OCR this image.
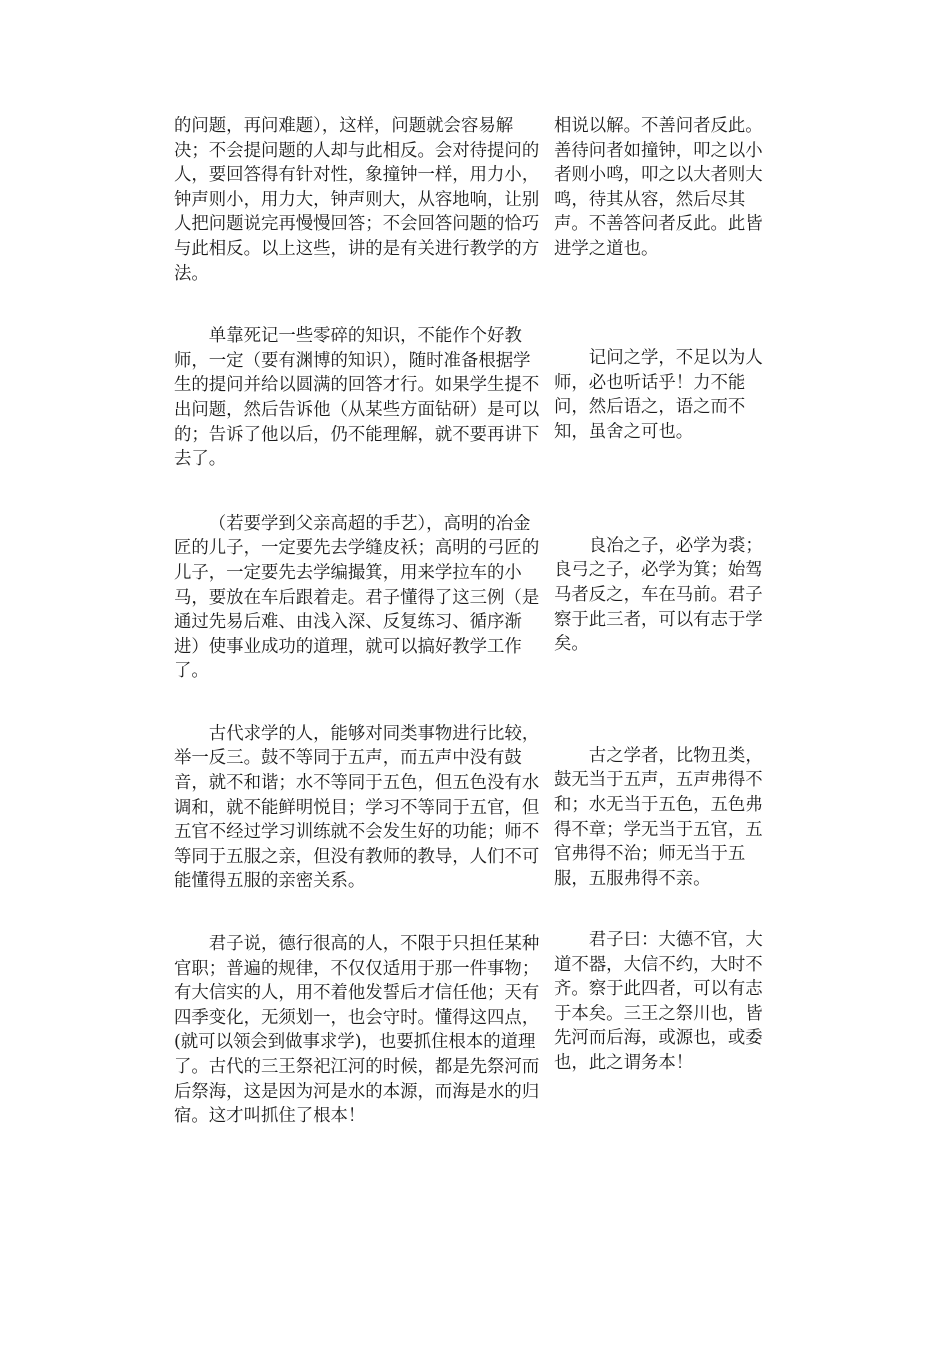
的问题，再问难题），这样，问题就会容易解决；不会提问题的人却与此相反。会对待提问的人，要回答得有针对性，象撞钟一样，用力小，钟声则小，用力大，钟声则大，从容地响，让别人把问题说完再慢慢回答；不会回答问题的恰巧与此相反。以上这些，讲的是有关进行教学的方法。

相说以解。不善问者反此。善待问者如撞钟，叩之以小者则小鸣，叩之以大者则大鸣，待其从容，然后尽其声。不善答问者反此。此皆进学之道也。

单靠死记一些零碎的知识，不能作个好教师，一定（要有渊博的知识），随时准备根据学生的提问并给以圆满的回答才行。如果学生提不出问题，然后告诉他（从某些方面钻研）是可以的；告诉了他以后，仍不能理解，就不要再讲下去了。

记问之学，不足以为人师，必也听话乎！力不能问，然后语之，语之而不知，虽舍之可也。

（若要学到父亲高超的手艺），高明的冶金匠的儿子，一定要先去学缝皮袄；高明的弓匠的儿子，一定要先去学编撮箕，用来学拉车的小马，要放在车后跟着走。君子懂得了这三例（是通过先易后难、由浅入深、反复练习、循序渐进）使事业成功的道理，就可以搞好教学工作了。

良冶之子，必学为裘；良弓之子，必学为箕；始驾马者反之，车在马前。君子察于此三者，可以有志于学矣。

古代求学的人，能够对同类事物进行比较，举一反三。鼓不等同于五声，而五声中没有鼓音，就不和谐；水不等同于五色，但五色没有水调和，就不能鲜明悦目；学习不等同于五官，但五官不经过学习训练就不会发生好的功能；师不等同于五服之亲，但没有教师的教导，人们不可能懂得五服的亲密关系。

古之学者，比物丑类，鼓无当于五声，五声弗得不和；水无当于五色，五色弗得不章；学无当于五官，五官弗得不治；师无当于五服，五服弗得不亲。

君子说，德行很高的人，不限于只担任某种官职；普遍的规律，不仅仅适用于那一件事物；有大信实的人，用不着他发誓后才信任他；天有四季变化，无须划一，也会守时。懂得这四点，(就可以领会到做事求学)，也要抓住根本的道理了。古代的三王祭祀江河的时候，都是先祭河而后祭海，这是因为河是水的本源，而海是水的归宿。这才叫抓住了根本！

君子曰：大德不官，大道不器，大信不约，大时不齐。察于此四者，可以有志于本矣。三王之祭川也，皆先河而后海，或源也，或委也，此之谓务本！
